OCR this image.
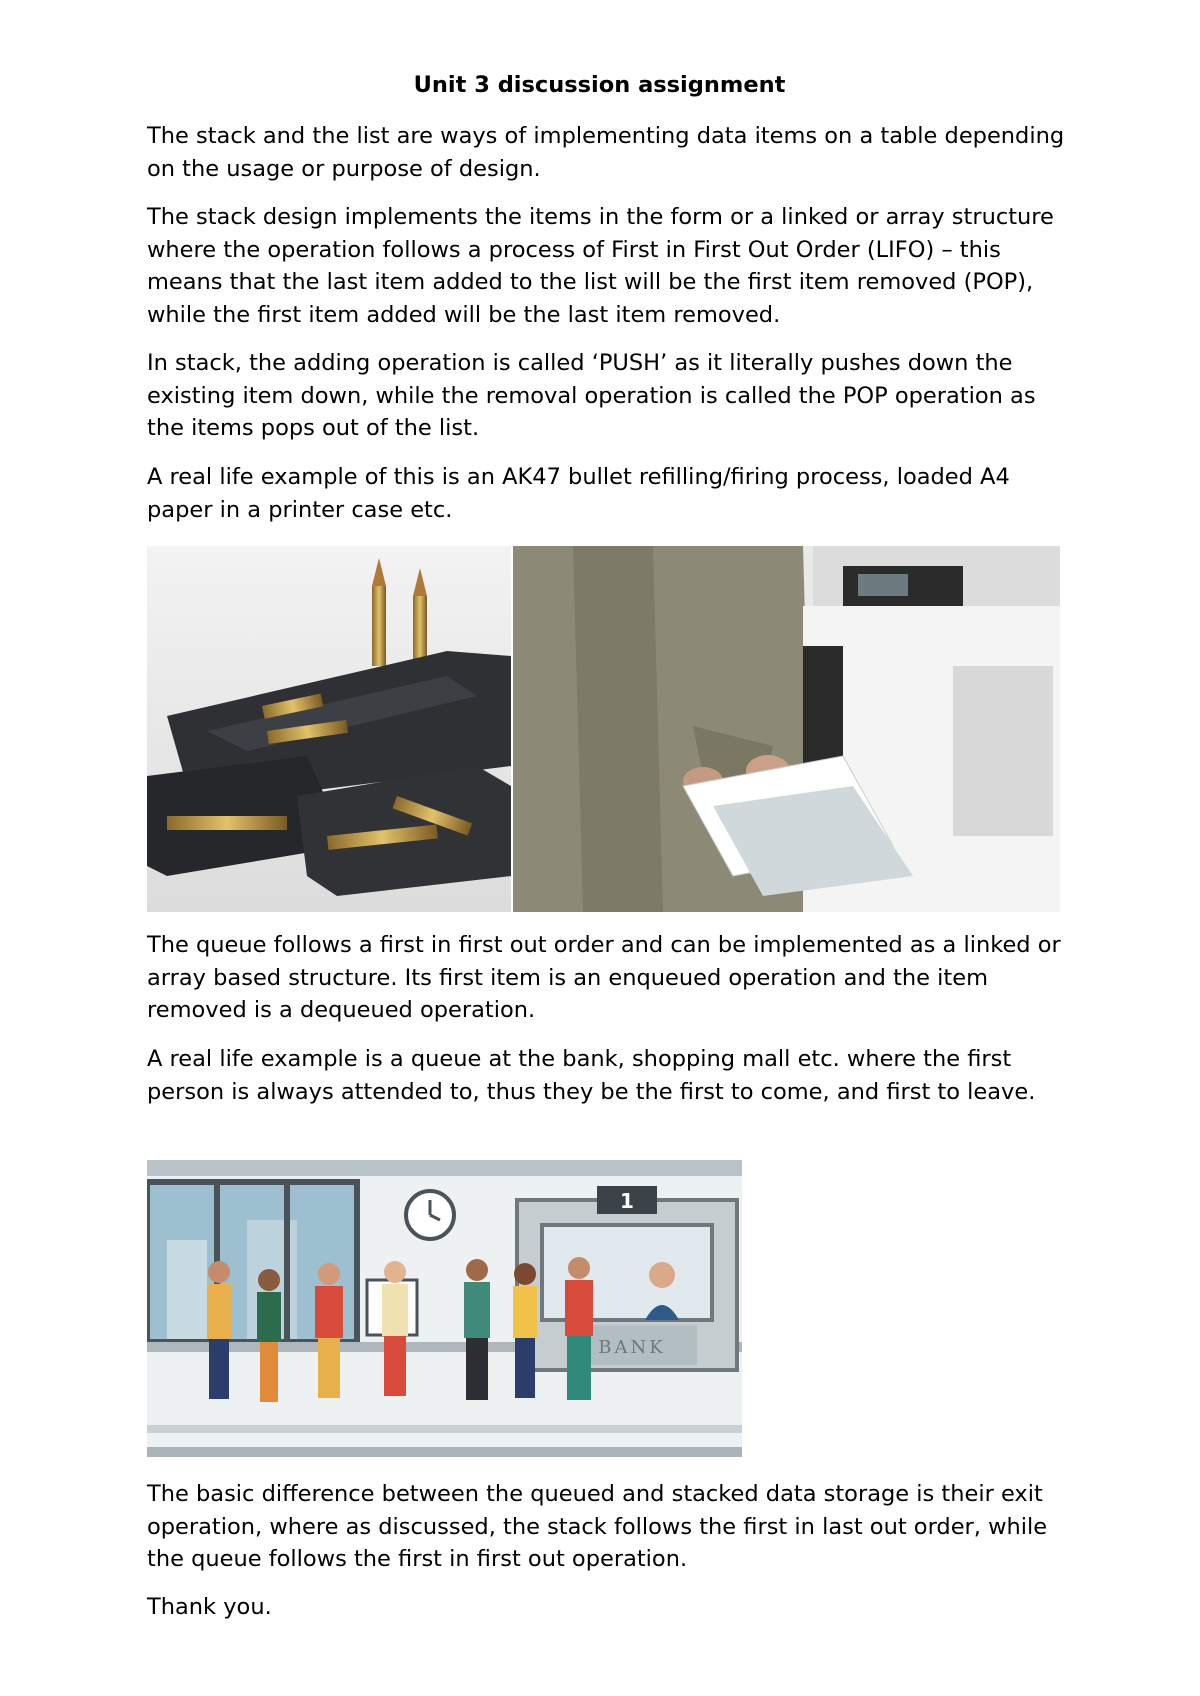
Unit 3 discussion assignment

The stack and the list are ways of implementing data items on a table depending on the usage or purpose of design.

The stack design implements the items in the form or a linked or array structure where the operation follows a process of First in First Out Order (LIFO) – this means that the last item added to the list will be the first item removed (POP), while the first item added will be the last item removed.

In stack, the adding operation is called ‘PUSH’ as it literally pushes down the existing item down, while the removal operation is called the POP operation as the items pops out of the list.

A real life example of this is an AK47 bullet refilling/firing process, loaded A4 paper in a printer case etc.

The queue follows a first in first out order and can be implemented as a linked or array based structure. Its first item is an enqueued operation and the item removed is a dequeued operation.

A real life example is a queue at the bank, shopping mall etc. where the first person is always attended to, thus they be the first to come, and first to leave.

1
BANK

The basic difference between the queued and stacked data storage is their exit operation, where as discussed, the stack follows the first in last out order, while the queue follows the first in first out operation.

Thank you.
